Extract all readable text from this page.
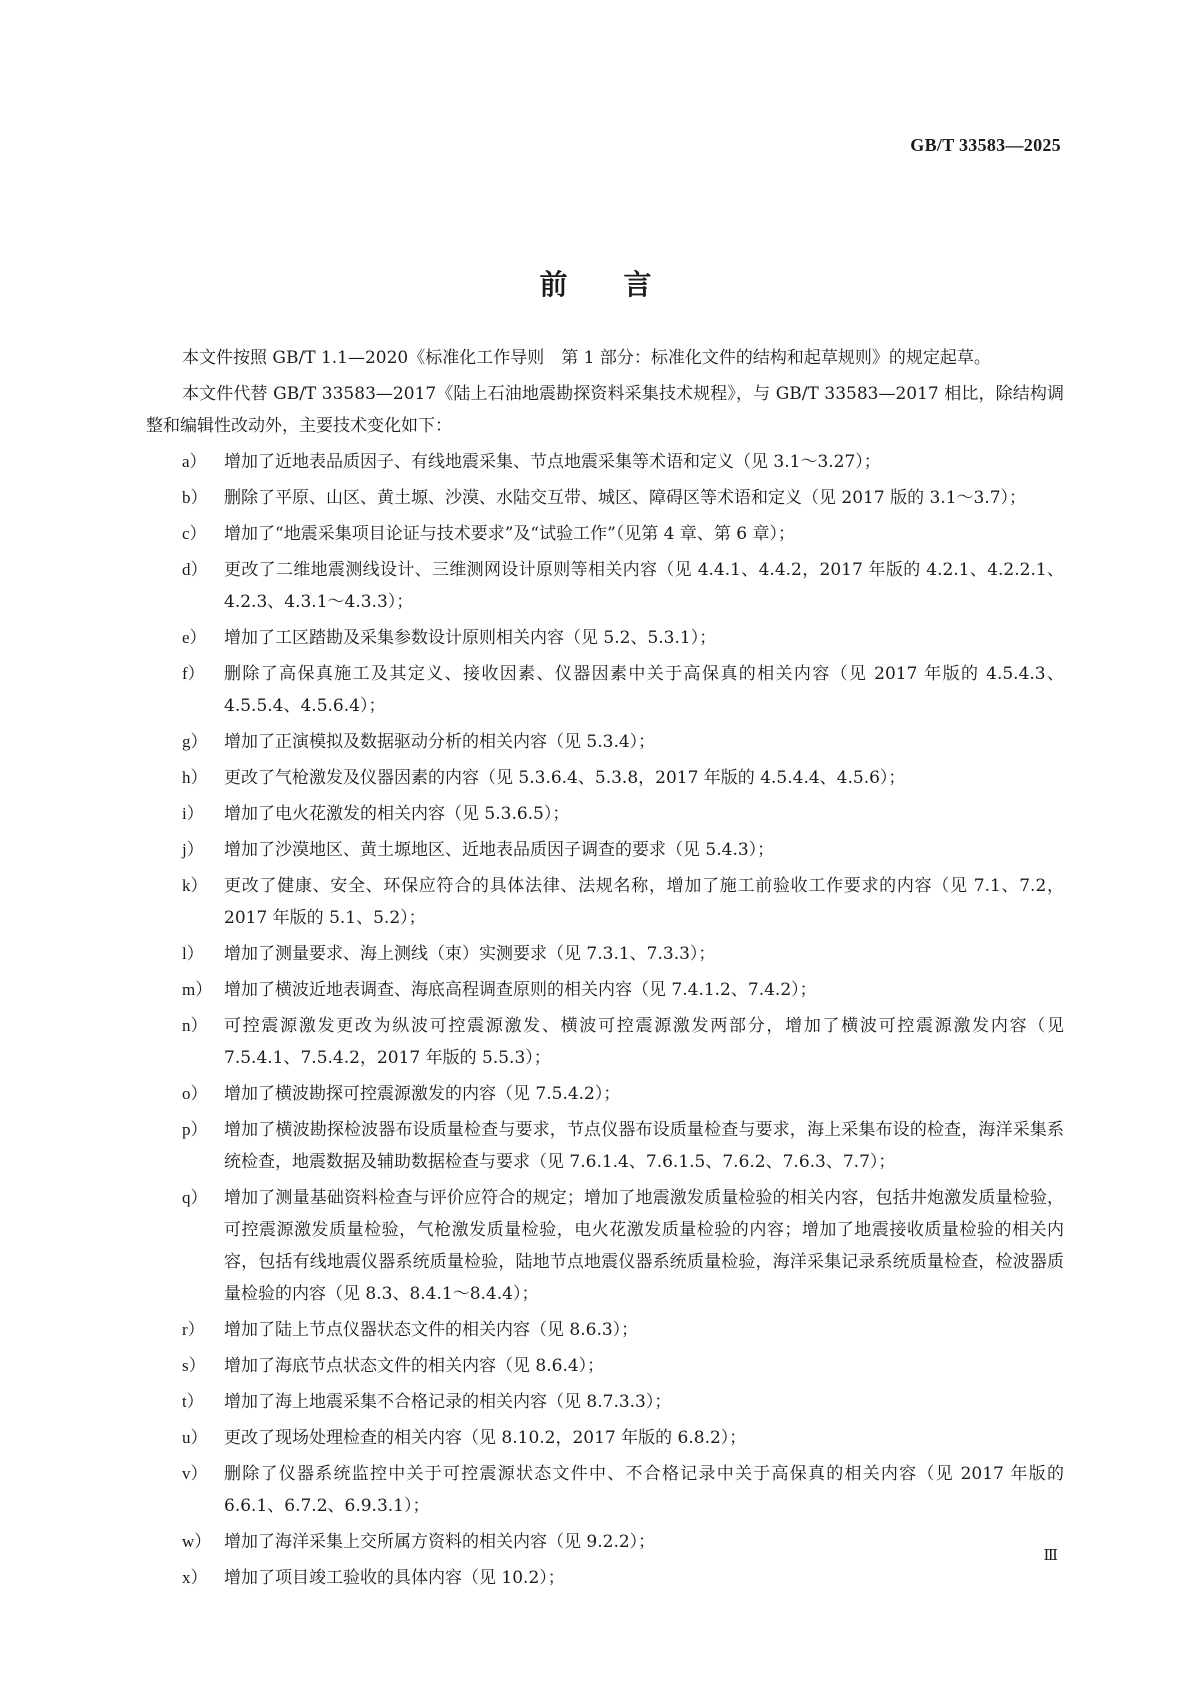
GB/T 33583—2025
前言

本文件按照 GB/T 1.1—2020《标准化工作导则　第 1 部分：标准化文件的结构和起草规则》的规定起草。

本文件代替 GB/T 33583—2017《陆上石油地震勘探资料采集技术规程》，与 GB/T 33583—2017 相比，除结构调整和编辑性改动外，主要技术变化如下：

a）	增加了近地表品质因子、有线地震采集、节点地震采集等术语和定义（见 3.1～3.27）；
b） 删除了平原、山区、黄土塬、沙漠、水陆交互带、城区、障碍区等术语和定义（见 2017 版的 3.1～3.7）；
c）	增加了“地震采集项目论证与技术要求”及“试验工作”（见第 4 章、第 6 章）；
d） 更改了二维地震测线设计、三维测网设计原则等相关内容（见 4.4.1、4.4.2，2017 年版的 4.2.1、4.2.2.1、4.2.3、4.3.1～4.3.3）；
e）	增加了工区踏勘及采集参数设计原则相关内容（见 5.2、5.3.1）；
f）	删除了高保真施工及其定义、接收因素、仪器因素中关于高保真的相关内容（见 2017 年版的 4.5.4.3、4.5.5.4、4.5.6.4）；
g） 增加了正演模拟及数据驱动分析的相关内容（见 5.3.4）；
h） 更改了气枪激发及仪器因素的内容（见 5.3.6.4、5.3.8，2017 年版的 4.5.4.4、4.5.6）；
i）	增加了电火花激发的相关内容（见 5.3.6.5）；
j）	增加了沙漠地区、黄土塬地区、近地表品质因子调查的要求（见 5.4.3）；
k） 更改了健康、安全、环保应符合的具体法律、法规名称，增加了施工前验收工作要求的内容（见 7.1、7.2，2017 年版的 5.1、5.2）；
l）	增加了测量要求、海上测线（束）实测要求（见 7.3.1、7.3.3）；
m） 增加了横波近地表调查、海底高程调查原则的相关内容（见 7.4.1.2、7.4.2）；
n） 可控震源激发更改为纵波可控震源激发、横波可控震源激发两部分，增加了横波可控震源激发内容（见 7.5.4.1、7.5.4.2，2017 年版的 5.5.3）；
o） 增加了横波勘探可控震源激发的内容（见 7.5.4.2）；
p） 增加了横波勘探检波器布设质量检查与要求，节点仪器布设质量检查与要求，海上采集布设的检查，海洋采集系统检查，地震数据及辅助数据检查与要求（见 7.6.1.4、7.6.1.5、7.6.2、7.6.3、7.7）；
q） 增加了测量基础资料检查与评价应符合的规定；增加了地震激发质量检验的相关内容，包括井炮激发质量检验，可控震源激发质量检验，气枪激发质量检验，电火花激发质量检验的内容；增加了地震接收质量检验的相关内容，包括有线地震仪器系统质量检验，陆地节点地震仪器系统质量检验，海洋采集记录系统质量检查，检波器质量检验的内容（见 8.3、8.4.1～8.4.4）；
r）	增加了陆上节点仪器状态文件的相关内容（见 8.6.3）；
s）	增加了海底节点状态文件的相关内容（见 8.6.4）；
t）	增加了海上地震采集不合格记录的相关内容（见 8.7.3.3）；
u） 更改了现场处理检查的相关内容（见 8.10.2，2017 年版的 6.8.2）；
v） 删除了仪器系统监控中关于可控震源状态文件中、不合格记录中关于高保真的相关内容（见 2017 年版的 6.6.1、6.7.2、6.9.3.1）；
w） 增加了海洋采集上交所属方资料的相关内容（见 9.2.2）；
x） 增加了项目竣工验收的具体内容（见 10.2）；
Ⅲ
